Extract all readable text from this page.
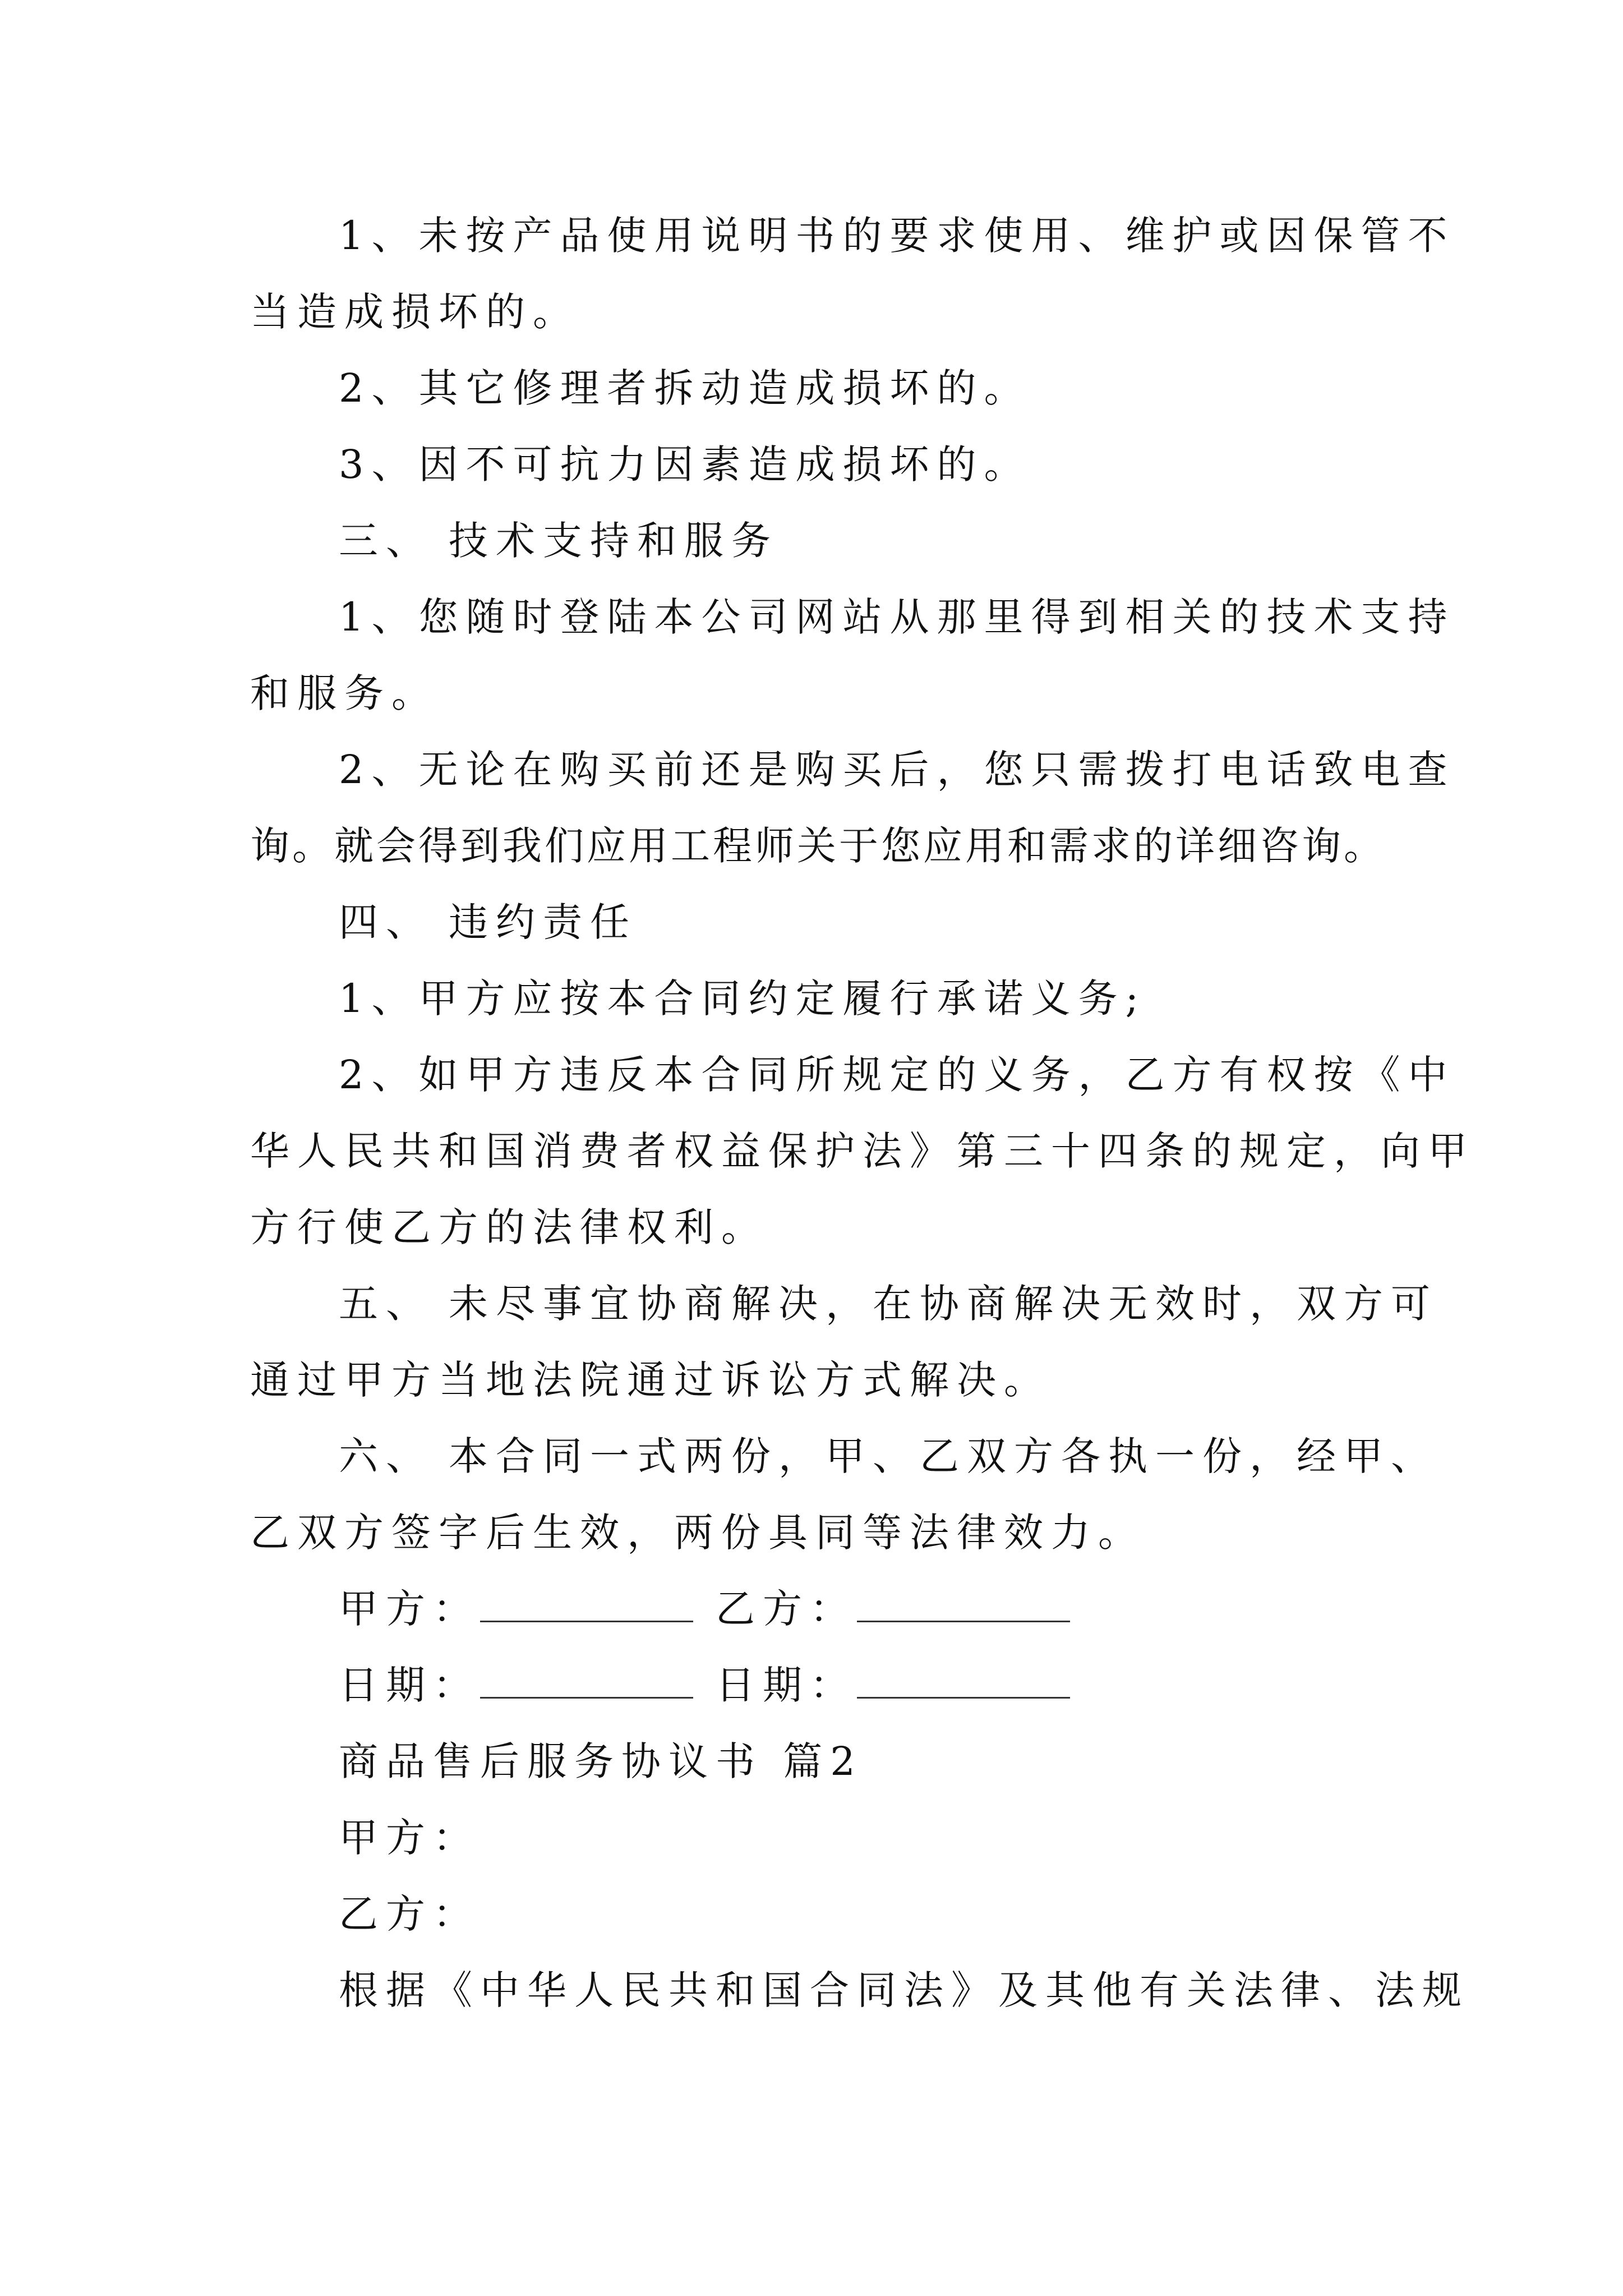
1、未按产品使用说明书的要求使用、维护或因保管不
当造成损坏的。
2、其它修理者拆动造成损坏的。
3、因不可抗力因素造成损坏的。
三、 技术支持和服务
1、您随时登陆本公司网站从那里得到相关的技术支持
和服务。
2、无论在购买前还是购买后，您只需拨打电话致电查
询。就会得到我们应用工程师关于您应用和需求的详细咨询。
四、 违约责任
1、甲方应按本合同约定履行承诺义务;
2、如甲方违反本合同所规定的义务，乙方有权按《中
华人民共和国消费者权益保护法》第三十四条的规定，向甲
方行使乙方的法律权利。
五、 未尽事宜协商解决，在协商解决无效时，双方可
通过甲方当地法院通过诉讼方式解决。
六、 本合同一式两份，甲、乙双方各执一份，经甲、
乙双方签字后生效，两份具同等法律效力。
甲方：	乙方：
日期：	日期：
商品售后服务协议书 篇2
甲方：
乙方：
根据《中华人民共和国合同法》及其他有关法律、法规
